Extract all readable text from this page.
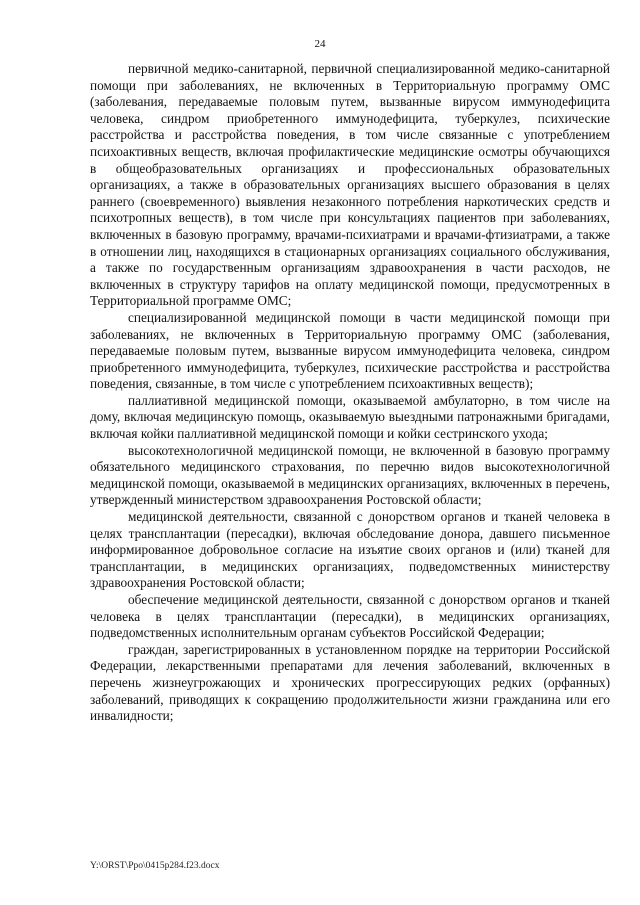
24

первичной медико-санитарной, первичной специализированной медико-санитарной помощи при заболеваниях, не включенных в Территориальную программу ОМС (заболевания, передаваемые половым путем, вызванные вирусом иммунодефицита человека, синдром приобретенного иммунодефицита, туберкулез, психические расстройства и расстройства поведения, в том числе связанные с употреблением психоактивных веществ, включая профилактические медицинские осмотры обучающихся в общеобразовательных организациях и профессиональных образовательных организациях, а также в образовательных организациях высшего образования в целях раннего (своевременного) выявления незаконного потребления наркотических средств и психотропных веществ), в том числе при консультациях пациентов при заболеваниях, включенных в базовую программу, врачами-психиатрами и врачами-фтизиатрами, а также в отношении лиц, находящихся в стационарных организациях социального обслуживания, а также по государственным организациям здравоохранения в части расходов, не включенных в структуру тарифов на оплату медицинской помощи, предусмотренных в Территориальной программе ОМС;

специализированной медицинской помощи в части медицинской помощи при заболеваниях, не включенных в Территориальную программу ОМС (заболевания, передаваемые половым путем, вызванные вирусом иммунодефицита человека, синдром приобретенного иммунодефицита, туберкулез, психические расстройства и расстройства поведения, связанные, в том числе с употреблением психоактивных веществ);

паллиативной медицинской помощи, оказываемой амбулаторно, в том числе на дому, включая медицинскую помощь, оказываемую выездными патронажными бригадами, включая койки паллиативной медицинской помощи и койки сестринского ухода;

высокотехнологичной медицинской помощи, не включенной в базовую программу обязательного медицинского страхования, по перечню видов высокотехнологичной медицинской помощи, оказываемой в медицинских организациях, включенных в перечень, утвержденный министерством здравоохранения Ростовской области;

медицинской деятельности, связанной с донорством органов и тканей человека в целях трансплантации (пересадки), включая обследование донора, давшего письменное информированное добровольное согласие на изъятие своих органов и (или) тканей для трансплантации, в медицинских организациях, подведомственных министерству здравоохранения Ростовской области;

обеспечение медицинской деятельности, связанной с донорством органов и тканей человека в целях трансплантации (пересадки), в медицинских организациях, подведомственных исполнительным органам субъектов Российской Федерации;

граждан, зарегистрированных в установленном порядке на территории Российской Федерации, лекарственными препаратами для лечения заболеваний, включенных в перечень жизнеугрожающих и хронических прогрессирующих редких (орфанных) заболеваний, приводящих к сокращению продолжительности жизни гражданина или его инвалидности;

Y:\ORST\Ppo\0415p284.f23.docx
